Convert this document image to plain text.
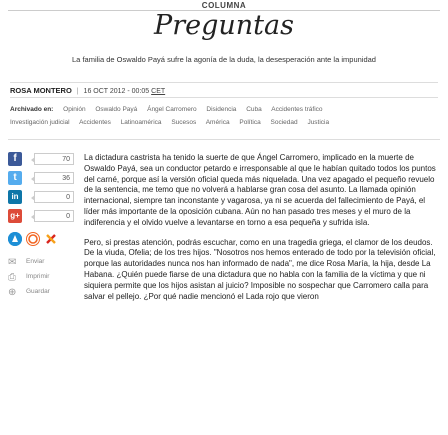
COLUMNA
Preguntas
La familia de Oswaldo Payá sufre la agonía de la duda, la desesperación ante la impunidad
ROSA MONTERO | 16 OCT 2012 - 00:05 CET
Archivado en: Opinión Oswaldo Payá Ángel Carromero Disidencia Cuba Accidentes tráfico
Investigación judicial Accidentes Latinoamérica Sucesos América Política Sociedad Justicia
f	70
t	36
in	0
g+	0
✉ Enviar
⎙ Imprimir
⊕ Guardar

La dictadura castrista ha tenido la suerte de que Ángel Carromero, implicado en la muerte de Oswaldo Payá, sea un conductor petardo e irresponsable al que le habían quitado todos los puntos del carné, porque así la versión oficial queda más niquelada. Una vez apagado el pequeño revuelo de la sentencia, me temo que no volverá a hablarse gran cosa del asunto. La llamada opinión internacional, siempre tan inconstante y vagarosa, ya ni se acuerda del fallecimiento de Payá, el líder más importante de la oposición cubana. Aún no han pasado tres meses y el muro de la indiferencia y el olvido vuelve a levantarse en torno a esa pequeña y sufrida isla.

Pero, si prestas atención, podrás escuchar, como en una tragedia griega, el clamor de los deudos. De la viuda, Ofelia; de los tres hijos. "Nosotros nos hemos enterado de todo por la televisión oficial, porque las autoridades nunca nos han informado de nada", me dice Rosa María, la hija, desde La Habana. ¿Quién puede fiarse de una dictadura que no habla con la familia de la víctima y que ni siquiera permite que los hijos asistan al juicio? Imposible no sospechar que Carromero calla para salvar el pellejo. ¿Por qué nadie mencionó el Lada rojo que vieron
